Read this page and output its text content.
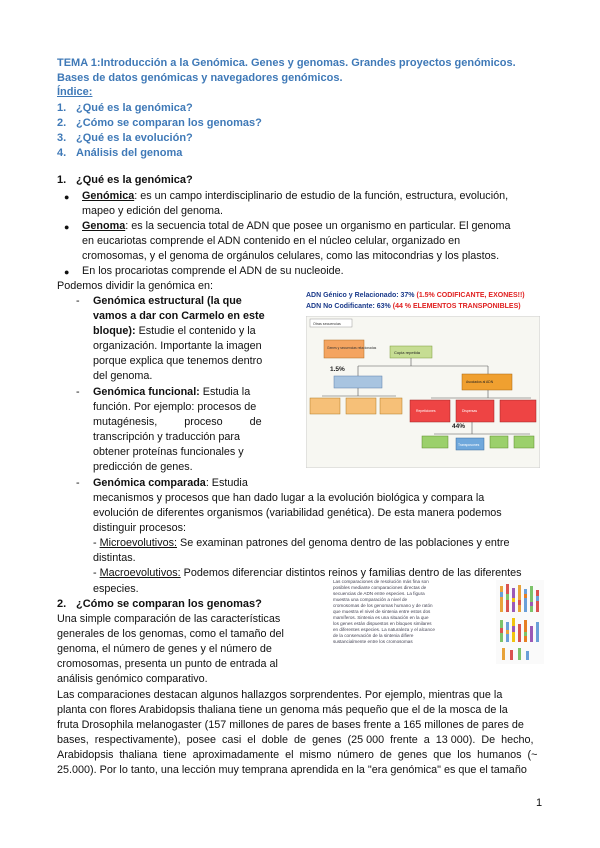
TEMA 1:Introducción a la Genómica. Genes y genomas. Grandes proyectos genómicos.
Bases de datos genómicas y navegadores genómicos.
Índice:
1. ¿Qué es la genómica?
2. ¿Cómo se comparan los genomas?
3. ¿Qué es la evolución?
4. Análisis del genoma
1. ¿Qué es la genómica?
● Genómica: es un campo interdisciplinario de estudio de la función, estructura, evolución,
mapeo y edición del genoma.
● Genoma: es la secuencia total de ADN que posee un organismo en particular. El genoma
en eucariotas comprende el ADN contenido en el núcleo celular, organizado en
cromosomas, y el genoma de orgánulos celulares, como las mitocondrias y los plastos.
● En los procariotas comprende el ADN de su nucleoide.
Podemos dividir la genómica en:
- Genómica estructural (la que
vamos a dar con Carmelo en este
bloque): Estudie el contenido y la
organización. Importante la imagen
porque explica que tenemos dentro
del genoma.
- Genómica funcional: Estudia la
función. Por ejemplo: procesos de
mutagénesis,         proceso         de
transcripción y traducción para
obtener proteínas funcionales y
predicción de genes.
- Genómica comparada: Estudia
mecanismos y procesos que han dado lugar a la evolución biológica y compara la
evolución de diferentes organismos (variabilidad genética). De esta manera podemos
distinguir procesos:
- Microevolutivos: Se examinan patrones del genoma dentro de las poblaciones y entre
distintas.
- Macroevolutivos: Podemos diferenciar distintos reinos y familias dentro de las diferentes
especies.
ADN Génico y Relacionado: 37% (1.5% CODIFICANTE, EXONES!!)
ADN No Codificante: 63% (44 % ELEMENTOS TRANSPONIBLES)
Otras secuencias
Genes y secuencias relacionadas
Copia repetida
1.5%
Asociados al ADN
Repeticiones	Dispersas
Transposones
44%
2. ¿Cómo se comparan los genomas?
Una simple comparación de las características
generales de los genomas, como el tamaño del
genoma, el número de genes y el número de
cromosomas, presenta un punto de entrada al
análisis genómico comparativo.
Las comparaciones de resolución más fina son
posibles mediante comparaciones directas de
secuencias de ADN entre especies. La figura
muestra una comparación a nivel de
cromosomas de los genomas humano y de ratón
que muestra el nivel de sintenia entre estos dos
mamíferos. Sintenia es una situación en la que
los genes están dispuestos en bloques similares
en diferentes especies. La naturaleza y el alcance
de la conservación de la sintenia difiere
sustancialmente entre los cromosomas
Las comparaciones destacan algunos hallazgos sorprendentes. Por ejemplo, mientras que la
planta con flores Arabidopsis thaliana tiene un genoma más pequeño que el de la mosca de la
fruta Drosophila melanogaster (157 millones de pares de bases frente a 165 millones de pares de
bases,  respectivamente),  posee  casi  el  doble  de  genes  (25 000  frente  a  13 000).  De  hecho,
Arabidopsis  thaliana  tiene  aproximadamente  el  mismo  número  de  genes  que  los  humanos  (~
25.000). Por lo tanto, una lección muy temprana aprendida en la "era genómica" es que el tamaño
1
